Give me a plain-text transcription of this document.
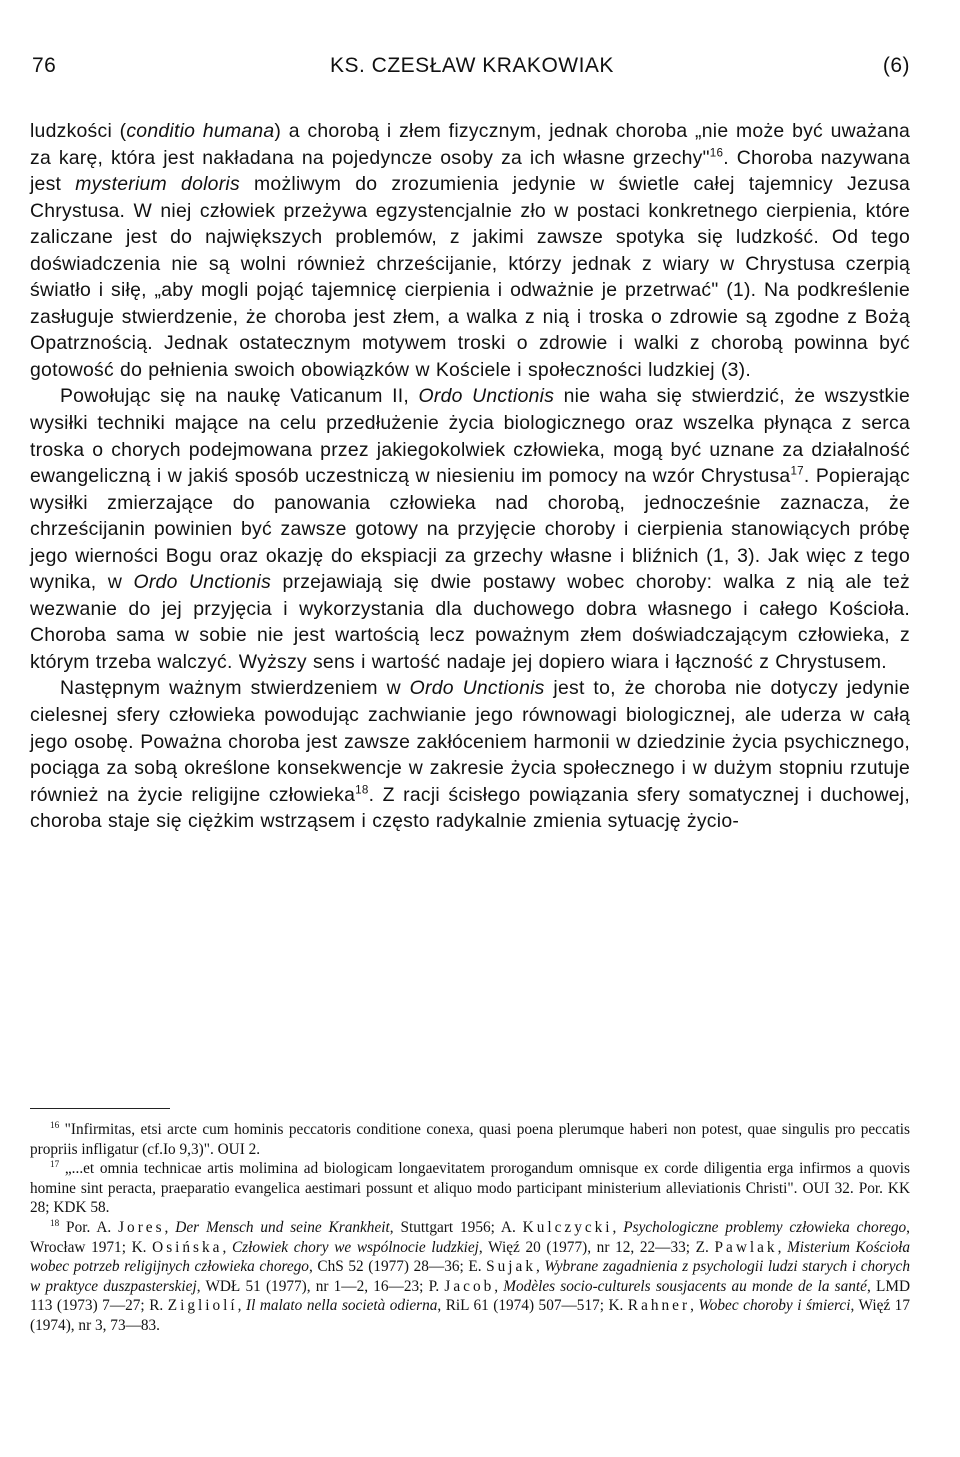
76	KS. CZESŁAW KRAKOWIAK	(6)

ludzkości (conditio humana) a chorobą i złem fizycznym, jednak choroba „nie może być uważana za karę, która jest nakładana na pojedyncze osoby za ich własne grzechy"$^{16}$. Choroba nazywana jest mysterium doloris możliwym do zrozumienia jedynie w świetle całej tajemnicy Jezusa Chrystusa. W niej człowiek przeżywa egzystencjalnie zło w postaci konkretnego cierpienia, które zaliczane jest do największych problemów, z jakimi zawsze spotyka się ludzkość. Od tego doświadczenia nie są wolni również chrześcijanie, którzy jednak z wiary w Chrystusa czerpią światło i siłę, „aby mogli pojąć tajemnicę cierpienia i odważnie je przetrwać" (1). Na podkreślenie zasługuje stwierdzenie, że choroba jest złem, a walka z nią i troska o zdrowie są zgodne z Bożą Opatrznością. Jednak ostatecznym motywem troski o zdrowie i walki z chorobą powinna być gotowość do pełnienia swoich obowiązków w Kościele i społeczności ludzkiej (3).

Powołując się na naukę Vaticanum II, Ordo Unctionis nie waha się stwierdzić, że wszystkie wysiłki techniki mające na celu przedłużenie życia biologicznego oraz wszelka płynąca z serca troska o chorych podejmowana przez jakiegokolwiek człowieka, mogą być uznane za działalność ewangeliczną i w jakiś sposób uczestniczą w niesieniu im pomocy na wzór Chrystusa$^{17}$. Popierając wysiłki zmierzające do panowania człowieka nad chorobą, jednocześnie zaznacza, że chrześcijanin powinien być zawsze gotowy na przyjęcie choroby i cierpienia stanowiących próbę jego wierności Bogu oraz okazję do ekspiacji za grzechy własne i bliźnich (1, 3). Jak więc z tego wynika, w Ordo Unctionis przejawiają się dwie postawy wobec choroby: walka z nią ale też wezwanie do jej przyjęcia i wykorzystania dla duchowego dobra własnego i całego Kościoła. Choroba sama w sobie nie jest wartością lecz poważnym złem doświadczającym człowieka, z którym trzeba walczyć. Wyższy sens i wartość nadaje jej dopiero wiara i łączność z Chrystusem.

Następnym ważnym stwierdzeniem w Ordo Unctionis jest to, że choroba nie dotyczy jedynie cielesnej sfery człowieka powodując zachwianie jego równowagi biologicznej, ale uderza w całą jego osobę. Poważna choroba jest zawsze zakłóceniem harmonii w dziedzinie życia psychicznego, pociąga za sobą określone konsekwencje w zakresie życia społecznego i w dużym stopniu rzutuje również na życie religijne człowieka$^{18}$. Z racji ścisłego powiązania sfery somatycznej i duchowej, choroba staje się ciężkim wstrząsem i często radykalnie zmienia sytuację życio-

$^{16}$ "Infirmitas, etsi arcte cum hominis peccatoris conditione conexa, quasi poena plerumque haberi non potest, quae singulis pro peccatis propriis infligatur (cf.Io 9,3)". OUI 2.

$^{17}$ „...et omnia technicae artis molimina ad biologicam longaevitatem prorogandum omnisque ex corde diligentia erga infirmos a quovis homine sint peracta, praeparatio evangelica aestimari possunt et aliquo modo participant ministerium alleviationis Christi". OUI 32. Por. KK 28; KDK 58.

$^{18}$ Por. A. Jores, Der Mensch und seine Krankheit, Stuttgart 1956; A. Kulczycki, Psychologiczne problemy człowieka chorego, Wrocław 1971; K. Osińska, Człowiek chory we wspólnocie ludzkiej, Więź 20 (1977), nr 12, 22—33; Z. Pawlak, Misterium Kościoła wobec potrzeb religijnych człowieka chorego, ChS 52 (1977) 28—36; E. Sujak, Wybrane zagadnienia z psychologii ludzi starych i chorych w praktyce duszpasterskiej, WDŁ 51 (1977), nr 1—2, 16—23; P. Jacob, Modèles socio-culturels sousjacents au monde de la santé, LMD 113 (1973) 7—27; R. Zigliolí, Il malato nella società odierna, RiL 61 (1974) 507—517; K. Rahner, Wobec choroby i śmierci, Więź 17 (1974), nr 3, 73—83.
